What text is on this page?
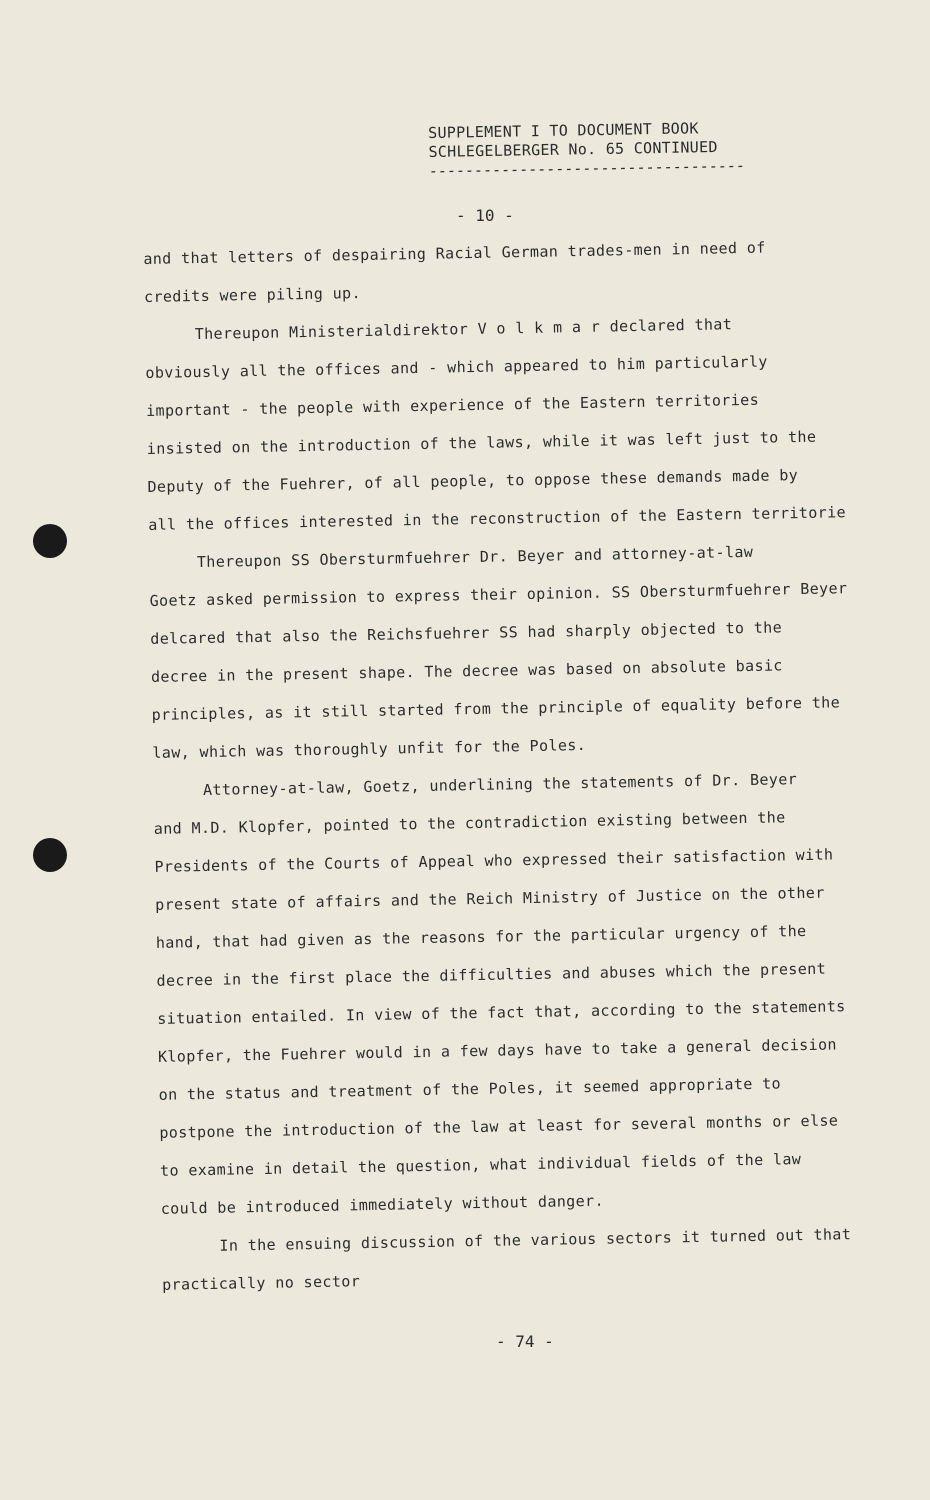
SUPPLEMENT I TO DOCUMENT BOOK
SCHLEGELBERGER No. 65 CONTINUED
-----------------------------------
- 10 -
and that letters of despairing Racial German trades-men in need of
credits were piling up.
Thereupon Ministerialdirektor V o l k m a r declared that
obviously all the offices and - which appeared to him particularly
important - the people with experience of the Eastern territories
insisted on the introduction of the laws, while it was left just to the
Deputy of the Fuehrer, of all people, to oppose these demands made by
all the offices interested in the reconstruction of the Eastern territorie
Thereupon SS Obersturmfuehrer Dr. Beyer and attorney-at-law
Goetz asked permission to express their opinion. SS Obersturmfuehrer Beyer
delcared that also the Reichsfuehrer SS had sharply objected to the
decree in the present shape. The decree was based on absolute basic
principles, as it still started from the principle of equality before the
law, which was thoroughly unfit for the Poles.
Attorney-at-law, Goetz, underlining the statements of Dr. Beyer
and M.D. Klopfer, pointed to the contradiction existing between the
Presidents of the Courts of Appeal who expressed their satisfaction with
present state of affairs and the Reich Ministry of Justice on the other
hand, that had given as the reasons for the particular urgency of the
decree in the first place the difficulties and abuses which the present
situation entailed. In view of the fact that, according to the statements
Klopfer, the Fuehrer would in a few days have to take a general decision
on the status and treatment of the Poles, it seemed appropriate to
postpone the introduction of the law at least for several months or else
to examine in detail the question, what individual fields of the law
could be introduced immediately without danger.
In the ensuing discussion of the various sectors it turned out that
practically no sector
- 74 -
